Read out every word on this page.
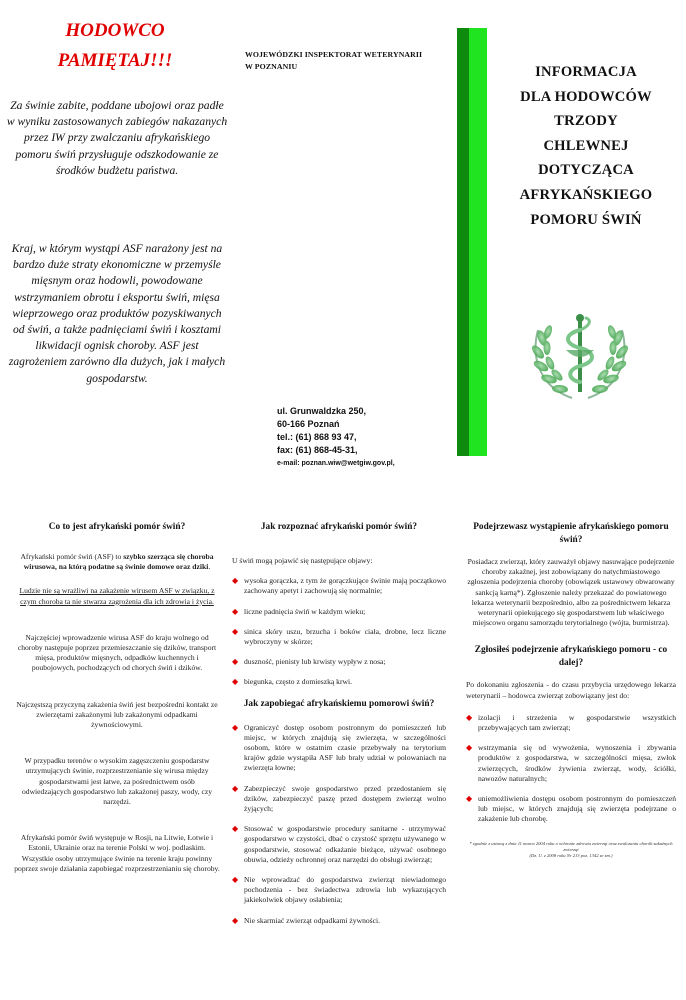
HODOWCO
PAMIĘTAJ!!!
Za świnie zabite, poddane ubojowi oraz padłe w wyniku zastosowanych zabiegów nakazanych przez IW przy zwalczaniu afrykańskiego pomoru świń przysługuje odszkodowanie ze środków budżetu państwa.
Kraj, w którym wystąpi ASF narażony jest na bardzo duże straty ekonomiczne w przemyśle mięsnym oraz hodowli, powodowane wstrzymaniem obrotu i eksportu świń, mięsa wieprzowego oraz produktów pozyskiwanych od świń, a także padnięciami świń i kosztami likwidacji ognisk choroby. ASF jest zagrożeniem zarówno dla dużych, jak i małych gospodarstw.
WOJEWÓDZKI INSPEKTORAT WETERYNARII
W POZNANIU
ul. Grunwaldzka 250,
60-166 Poznań
tel.: (61) 868 93 47,
fax: (61) 868-45-31,
e-mail: poznan.wiw@wetgiw.gov.pl,
INFORMACJA
DLA HODOWCÓW
TRZODY
CHLEWNEJ
DOTYCZĄCA
AFRYKAŃSKIEGO
POMORU ŚWIŃ
Co to jest afrykański pomór świń?

Afrykański pomór świń (ASF) to szybko szerząca się choroba wirusowa, na którą podatne są świnie domowe oraz dziki.

Ludzie nie są wrażliwi na zakażenie wirusem ASF w związku, z czym choroba ta nie stwarza zagrożenia dla ich zdrowia i życia.

Najczęściej wprowadzenie wirusa ASF do kraju wolnego od choroby następuje poprzez przemieszczanie się dzików, transport mięsa, produktów mięsnych, odpadków kuchennych i poubojowych, pochodzących od chorych świń i dzików.

Najczęstszą przyczyną zakażenia świń jest bezpośredni kontakt ze zwierzętami zakażonymi lub zakażonymi odpadkami żywnościowymi.

W przypadku terenów o wysokim zagęszczeniu gospodarstw utrzymujących świnie, rozprzestrzenianie się wirusa między gospodarstwami jest łatwe, za pośrednictwem osób odwiedzających gospodarstwo lub zakażonej paszy, wody, czy narzędzi.

Afrykański pomór świń występuje w Rosji, na Litwie, Łotwie i Estonii, Ukrainie oraz na terenie Polski w woj. podlaskim. Wszystkie osoby utrzymujące świnie na terenie kraju powinny poprzez swoje działania zapobiegać rozprzestrzenianiu się choroby.

Jak rozpoznać afrykański pomór świń?

U świń mogą pojawić się następujące objawy:

◆ wysoka gorączka, z tym że gorączkujące świnie mają początkowo zachowany apetyt i zachowują się normalnie;
◆ liczne padnięcia świń w każdym wieku;
◆ sinica skóry uszu, brzucha i boków ciała, drobne, lecz liczne wybroczyny w skórze;
◆ duszność, pienisty lub krwisty wypływ z nosa;
◆ biegunka, często z domieszką krwi.
Jak zapobiegać afrykańskiemu pomorowi świń?
◆ Ograniczyć dostęp osobom postronnym do pomieszczeń lub miejsc, w których znajdują się zwierzęta, w szczególności osobom, które w ostatnim czasie przebywały na terytorium krajów gdzie wystąpiła ASF lub brały udział w polowaniach na zwierzęta łowne;
◆ Zabezpieczyć swoje gospodarstwo przed przedostaniem się dzików, zabezpieczyć paszę przed dostępem zwierząt wolno żyjących;
◆ Stosować w gospodarstwie procedury sanitarne - utrzymywać gospodarstwo w czystości, dbać o czystość sprzętu używanego w gospodarstwie, stosować odkażanie bieżące, używać osobnego obuwia, odzieży ochronnej oraz narzędzi do obsługi zwierząt;
◆ Nie wprowadzać do gospodarstwa zwierząt niewiadomego pochodzenia - bez świadectwa zdrowia lub wykazujących jakiekolwiek objawy osłabienia;
◆ Nie skarmiać zwierząt odpadkami żywności.
Podejrzewasz wystąpienie afrykańskiego pomoru świń?

Posiadacz zwierząt, który zauważył objawy nasuwające podejrzenie choroby zakaźnej, jest zobowiązany do natychmiastowego zgłoszenia podejrzenia choroby (obowiązek ustawowy obwarowany sankcją karną*). Zgłoszenie należy przekazać do powiatowego lekarza weterynarii bezpośrednio, albo za pośrednictwem lekarza weterynarii opiekującego się gospodarstwem lub właściwego miejscowo organu samorządu terytorialnego (wójta, burmistrza).

Zgłosiłeś podejrzenie afrykańskiego pomoru - co dalej?

Po dokonaniu zgłoszenia - do czasu przybycia urzędowego lekarza weterynarii – hodowca zwierząt zobowiązany jest do:

◆ izolacji i strzeżenia w gospodarstwie wszystkich przebywających tam zwierząt;
◆ wstrzymania się od wywożenia, wynoszenia i zbywania produktów z gospodarstwa, w szczególności mięsa, zwłok zwierzęcych, środków żywienia zwierząt, wody, ściółki, nawozów naturalnych;
◆ uniemożliwienia dostępu osobom postronnym do pomieszczeń lub miejsc, w których znajdują się zwierzęta podejrzane o zakażenie lub chorobę.
* zgodnie z ustawą z dnia 11 marca 2004 roku o ochronie zdrowia zwierząt oraz zwalczaniu chorób zakaźnych zwierząt
(Dz. U. z 2008 roku Nr 213 poz. 1342 ze zm.)
